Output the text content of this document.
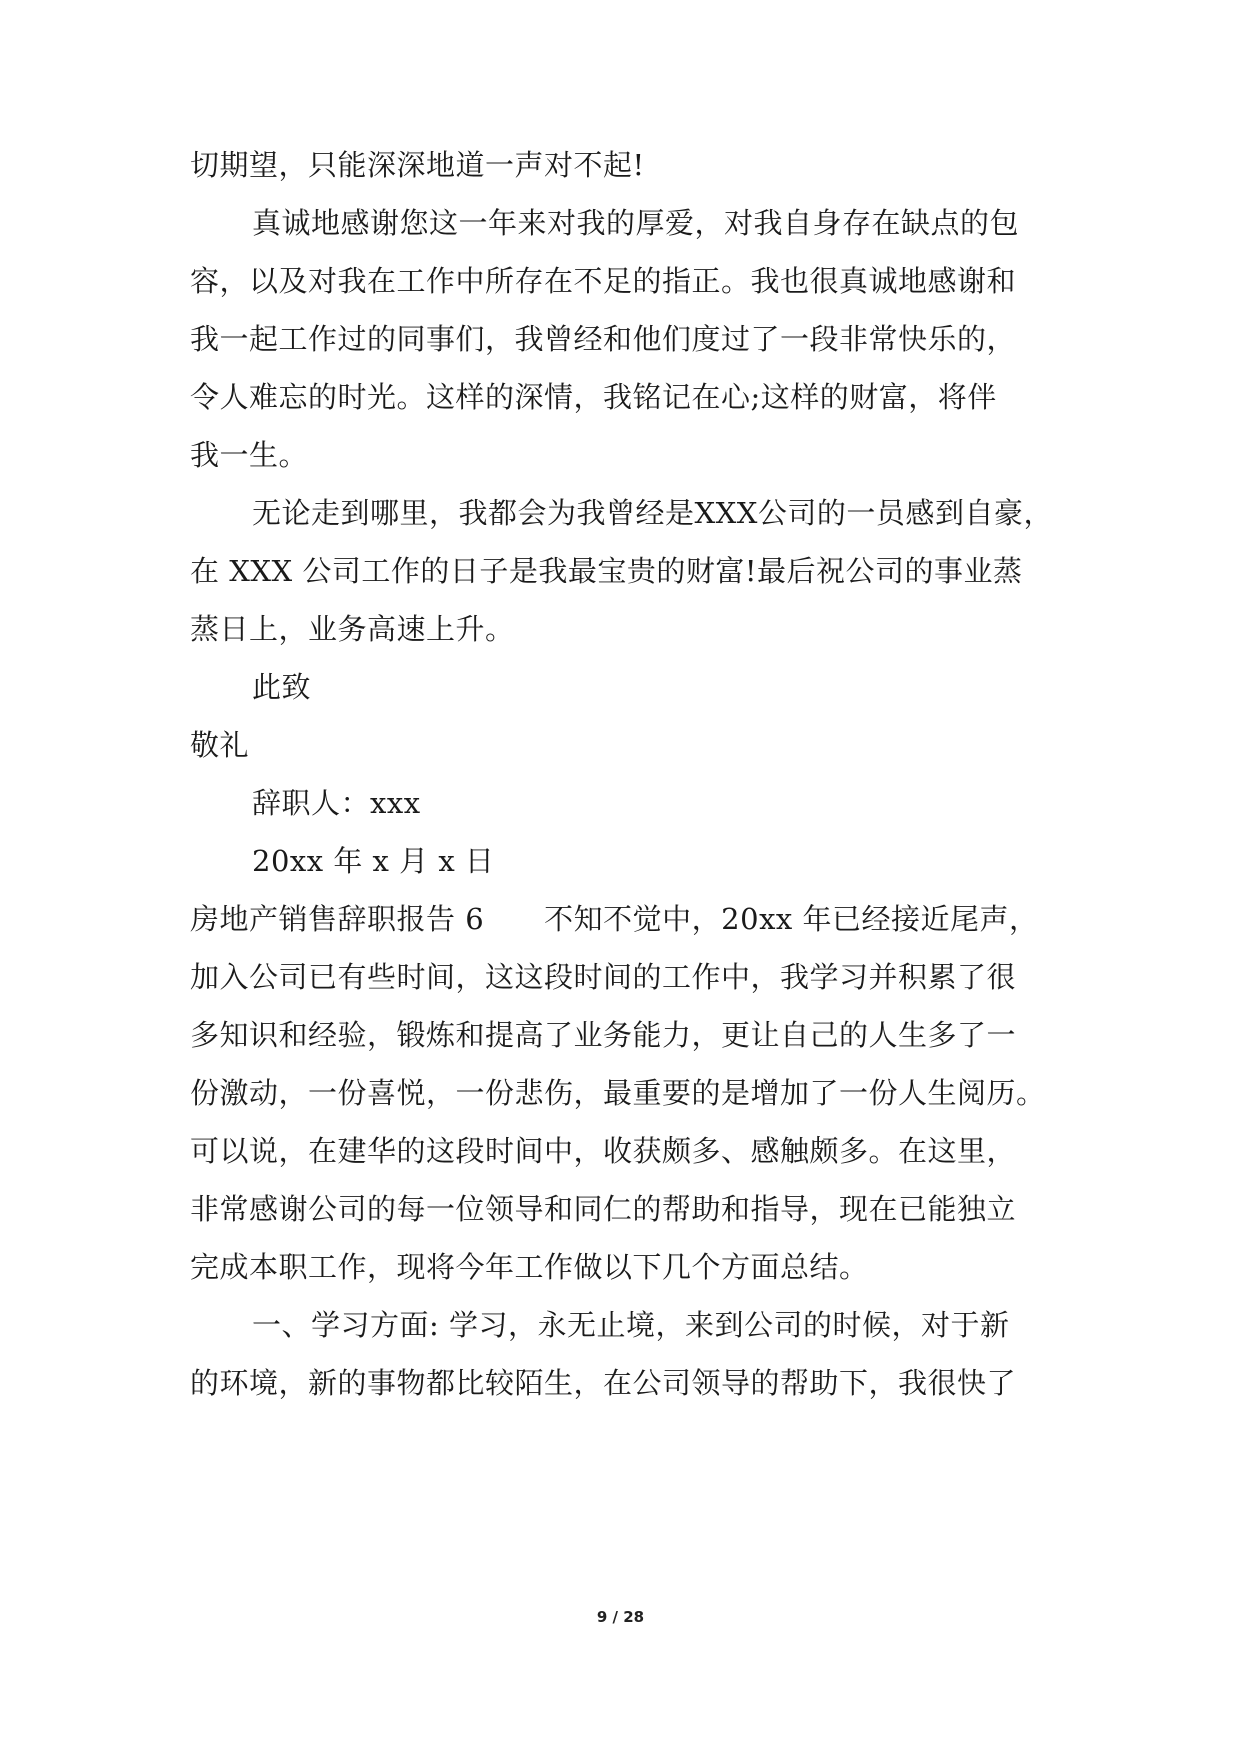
切期望，只能深深地道一声对不起!
真诚地感谢您这一年来对我的厚爱，对我自身存在缺点的包
容，以及对我在工作中所存在不足的指正。我也很真诚地感谢和
我一起工作过的同事们，我曾经和他们度过了一段非常快乐的，
令人难忘的时光。这样的深情，我铭记在心;这样的财富，将伴
我一生。
无论走到哪里，我都会为我曾经是XXX公司的一员感到自豪，
在 XXX 公司工作的日子是我最宝贵的财富!最后祝公司的事业蒸
蒸日上，业务高速上升。
此致
敬礼
辞职人：xxx
20xx 年 x 月 x 日
房地产销售辞职报告 6 不知不觉中，20xx 年已经接近尾声，
加入公司已有些时间，这这段时间的工作中，我学习并积累了很
多知识和经验，锻炼和提高了业务能力，更让自己的人生多了一
份激动，一份喜悦，一份悲伤，最重要的是增加了一份人生阅历。
可以说，在建华的这段时间中，收获颇多、感触颇多。在这里，
非常感谢公司的每一位领导和同仁的帮助和指导，现在已能独立
完成本职工作，现将今年工作做以下几个方面总结。
一、学习方面: 学习，永无止境，来到公司的时候，对于新
的环境，新的事物都比较陌生，在公司领导的帮助下，我很快了
9 / 28
